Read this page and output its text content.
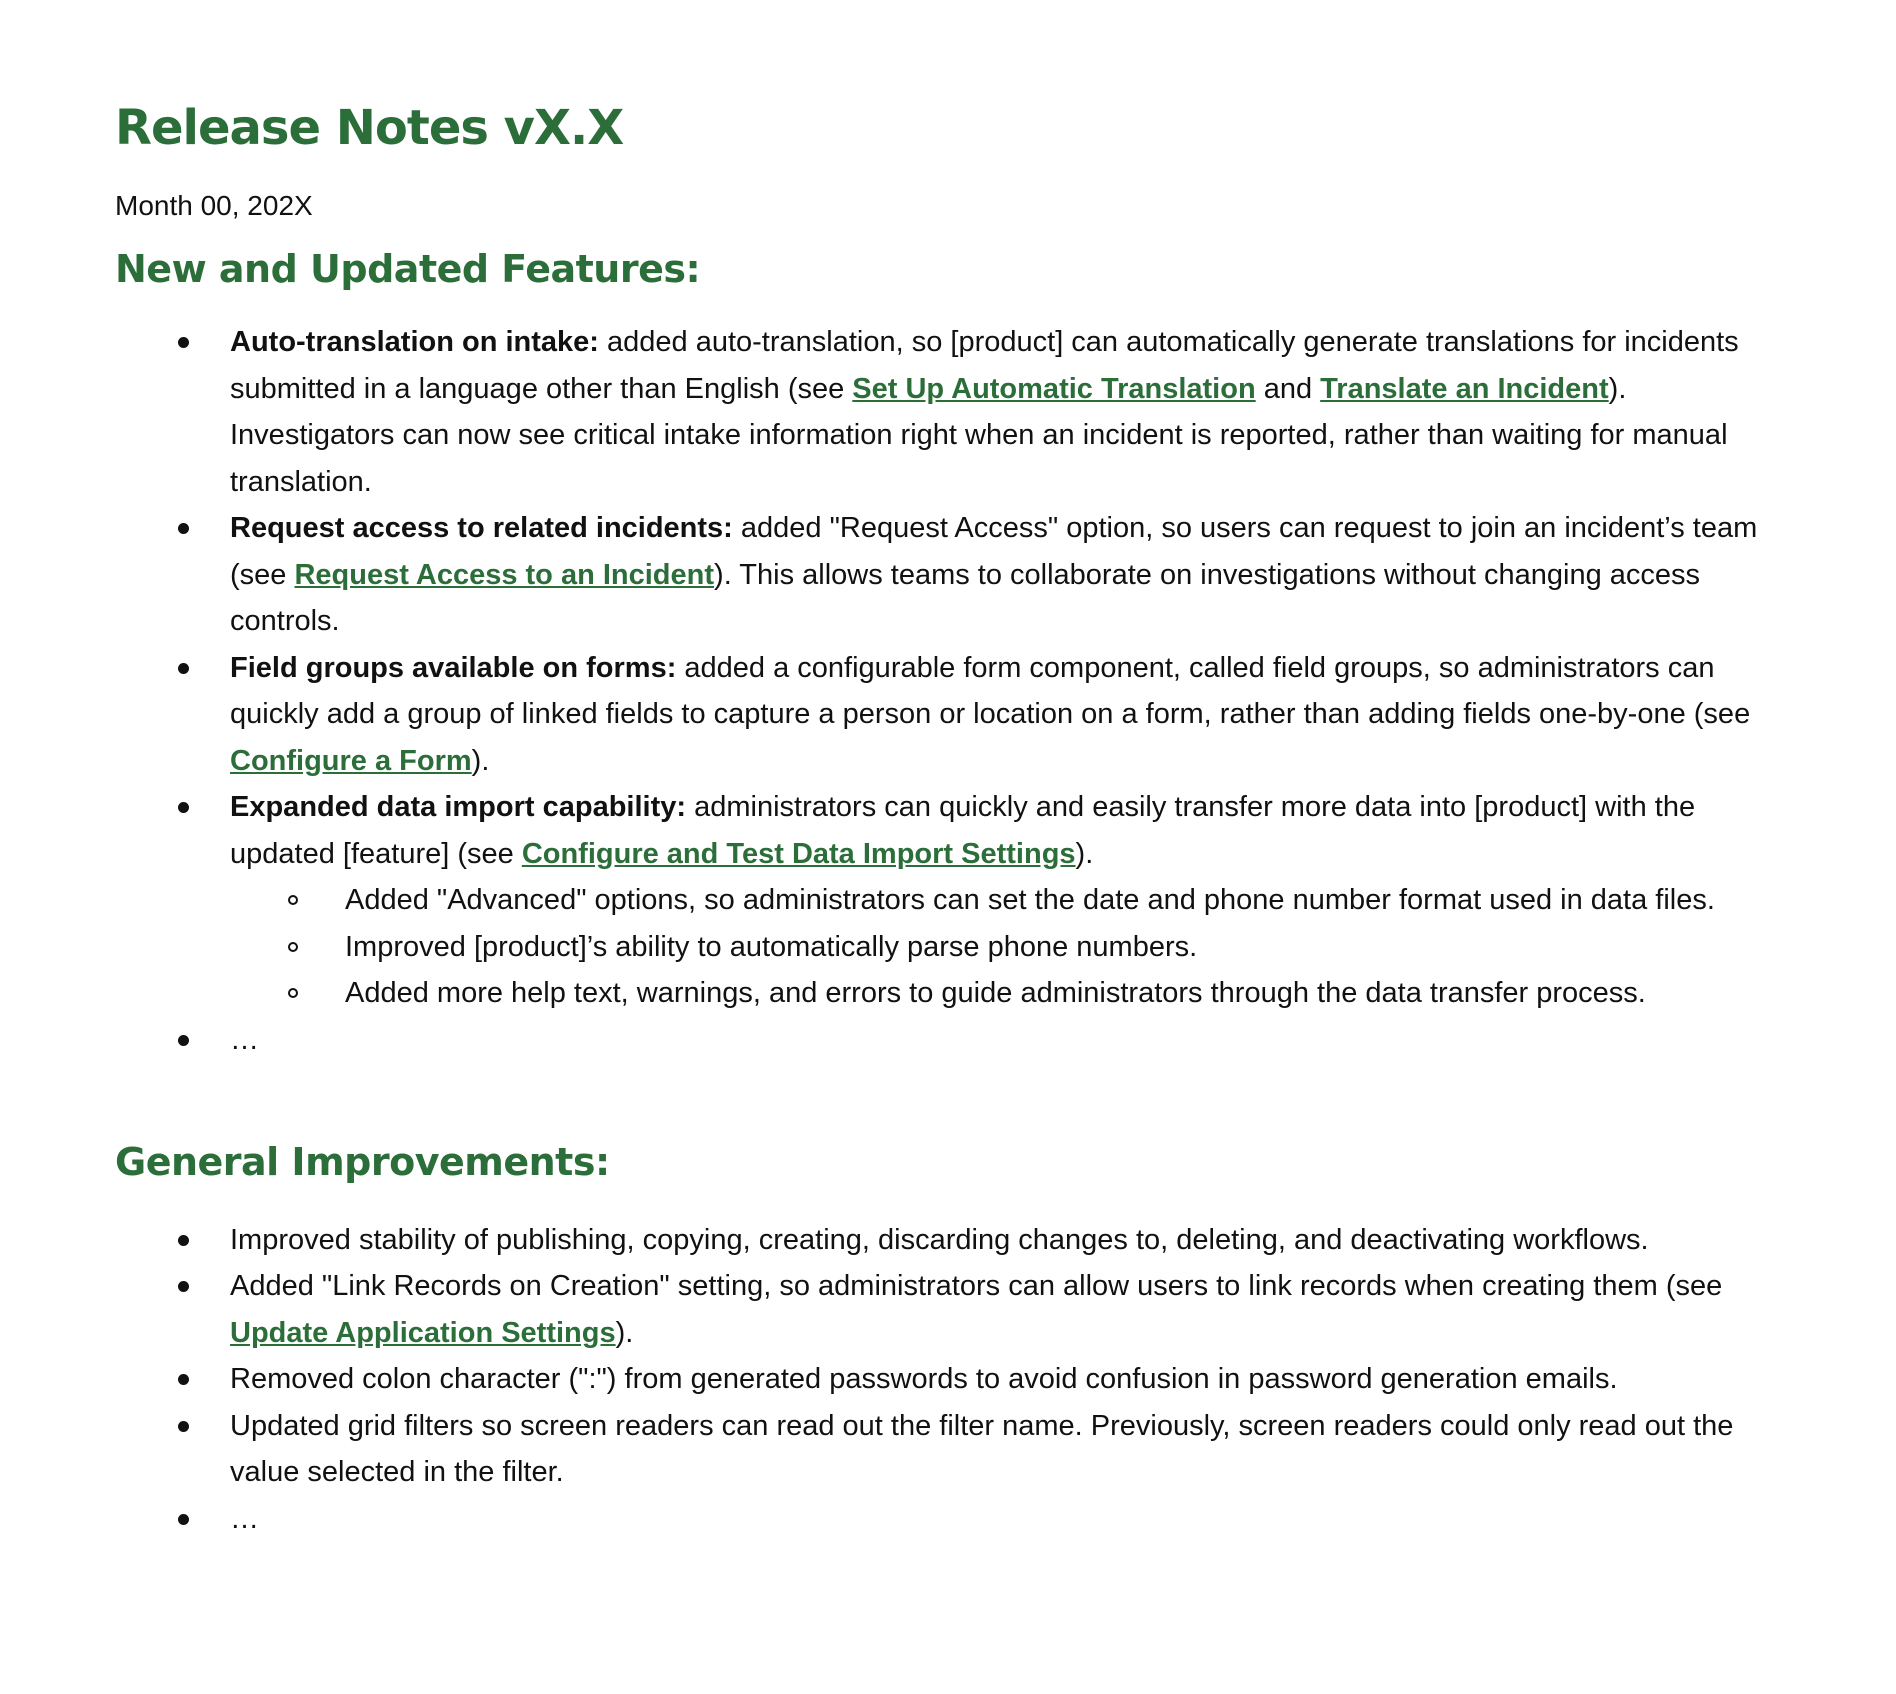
Release Notes vX.X
Month 00, 202X
New and Updated Features:
Auto-translation on intake: added auto-translation, so [product] can automatically generate translations for incidents submitted in a language other than English (see Set Up Automatic Translation and Translate an Incident). Investigators can now see critical intake information right when an incident is reported, rather than waiting for manual translation.
Request access to related incidents: added "Request Access" option, so users can request to join an incident’s team (see Request Access to an Incident). This allows teams to collaborate on investigations without changing access controls.
Field groups available on forms: added a configurable form component, called field groups, so administrators can quickly add a group of linked fields to capture a person or location on a form, rather than adding fields one-by-one (see Configure a Form).
Expanded data import capability: administrators can quickly and easily transfer more data into [product] with the updated [feature] (see Configure and Test Data Import Settings).
Added "Advanced" options, so administrators can set the date and phone number format used in data files.
Improved [product]’s ability to automatically parse phone numbers.
Added more help text, warnings, and errors to guide administrators through the data transfer process.
…
General Improvements:
Improved stability of publishing, copying, creating, discarding changes to, deleting, and deactivating workflows.
Added "Link Records on Creation" setting, so administrators can allow users to link records when creating them (see Update Application Settings).
Removed colon character (":") from generated passwords to avoid confusion in password generation emails.
Updated grid filters so screen readers can read out the filter name. Previously, screen readers could only read out the value selected in the filter.
…
